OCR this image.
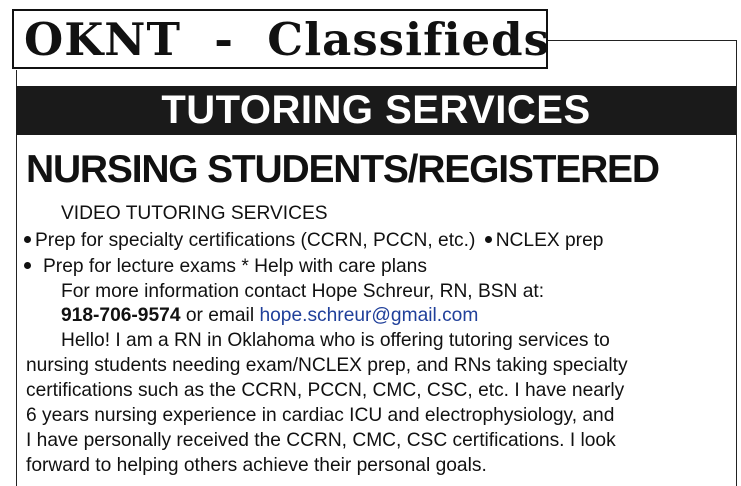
OKNT  -  Classifieds
TUTORING SERVICES
NURSING STUDENTS/REGISTERED
VIDEO TUTORING SERVICES
Prep for specialty certifications (CCRN, PCCN, etc.) NCLEX prep
Prep for lecture exams * Help with care plans
For more information contact Hope Schreur, RN, BSN at:
918-706-9574 or email hope.schreur@gmail.com
Hello! I am a RN in Oklahoma who is offering tutoring services to
nursing students needing exam/NCLEX prep, and RNs taking specialty
certifications such as the CCRN, PCCN, CMC, CSC, etc. I have nearly
6 years nursing experience in cardiac ICU and electrophysiology, and
I have personally received the CCRN, CMC, CSC certifications. I look
forward to helping others achieve their personal goals.
